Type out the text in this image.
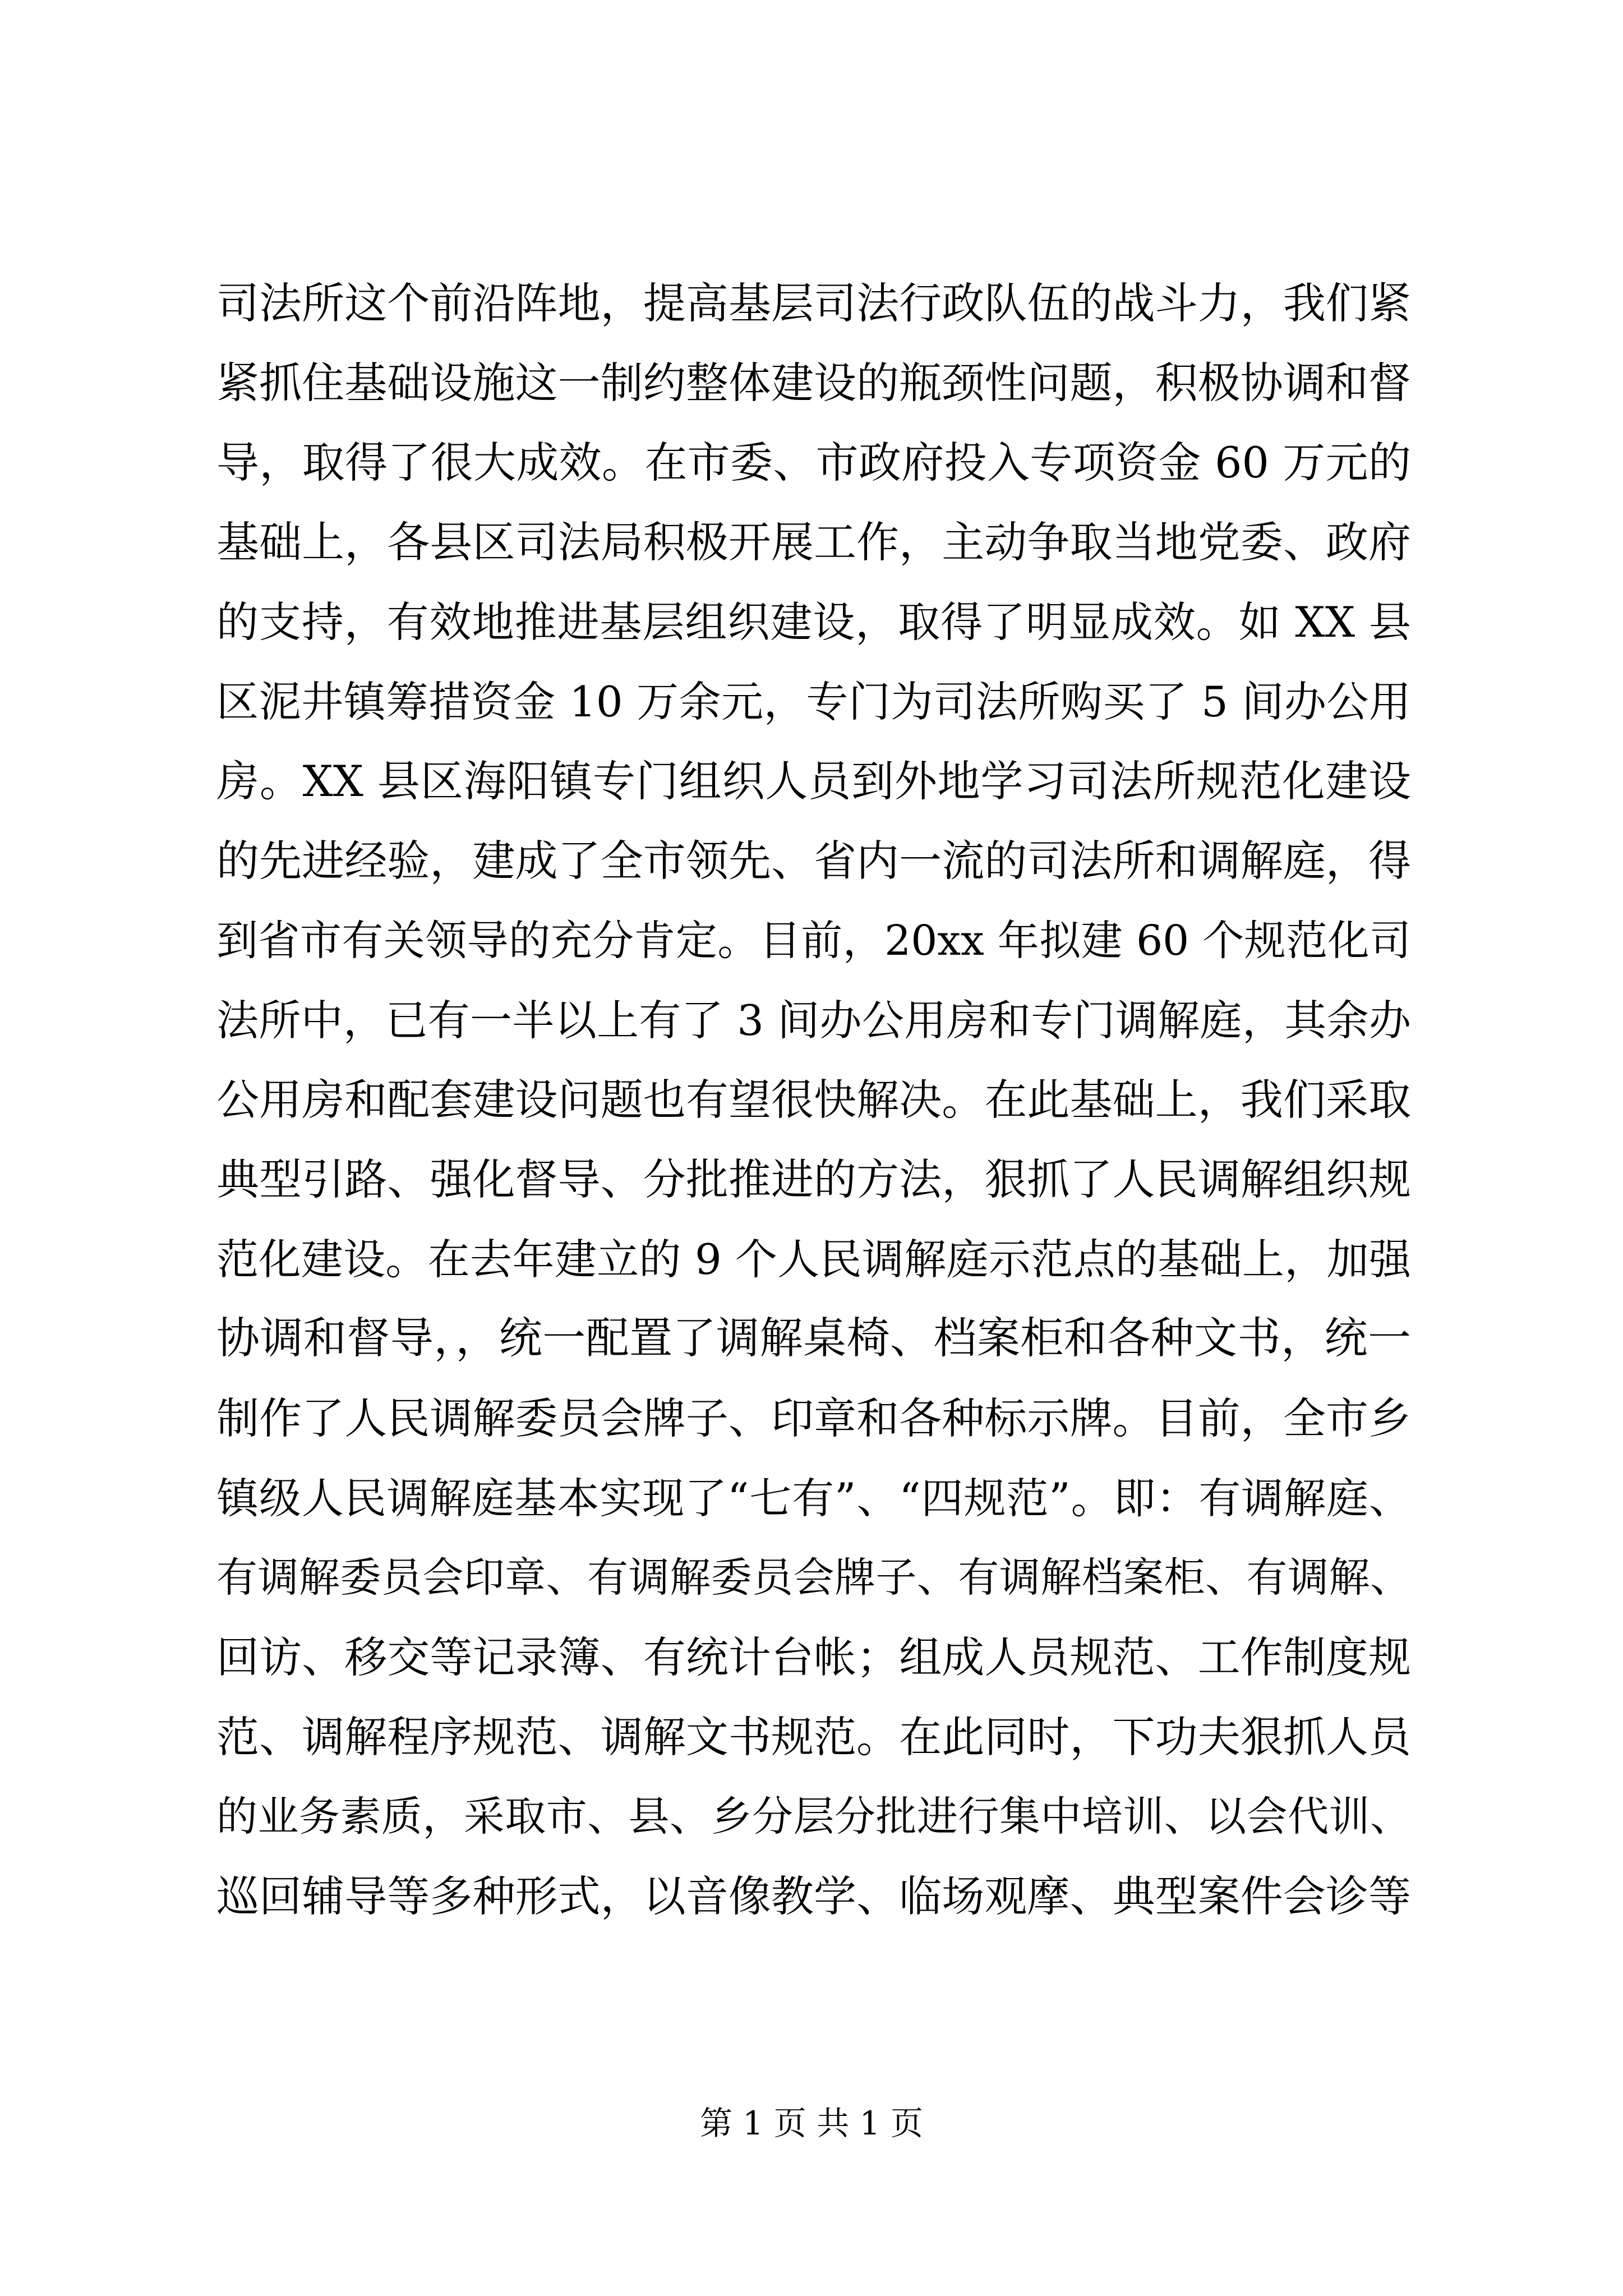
司法所这个前沿阵地，提高基层司法行政队伍的战斗力，我们紧
紧抓住基础设施这一制约整体建设的瓶颈性问题，积极协调和督
导，取得了很大成效。在市委、市政府投入专项资金 60 万元的
基础上，各县区司法局积极开展工作，主动争取当地党委、政府
的支持，有效地推进基层组织建设，取得了明显成效。如 XX 县
区泥井镇筹措资金 10 万余元，专门为司法所购买了 5 间办公用
房。XX 县区海阳镇专门组织人员到外地学习司法所规范化建设
的先进经验，建成了全市领先、省内一流的司法所和调解庭，得
到省市有关领导的充分肯定。目前，20xx 年拟建 60 个规范化司
法所中，已有一半以上有了 3 间办公用房和专门调解庭，其余办
公用房和配套建设问题也有望很快解决。在此基础上，我们采取
典型引路、强化督导、分批推进的方法，狠抓了人民调解组织规
范化建设。在去年建立的 9 个人民调解庭示范点的基础上，加强
协调和督导，，统一配置了调解桌椅、档案柜和各种文书，统一
制作了人民调解委员会牌子、印章和各种标示牌。目前，全市乡
镇级人民调解庭基本实现了“七有”、“四规范”。即：有调解庭、
有调解委员会印章、有调解委员会牌子、有调解档案柜、有调解、
回访、移交等记录簿、有统计台帐；组成人员规范、工作制度规
范、调解程序规范、调解文书规范。在此同时，下功夫狠抓人员
的业务素质，采取市、县、乡分层分批进行集中培训、以会代训、
巡回辅导等多种形式，以音像教学、临场观摩、典型案件会诊等
第 1 页 共 1 页
